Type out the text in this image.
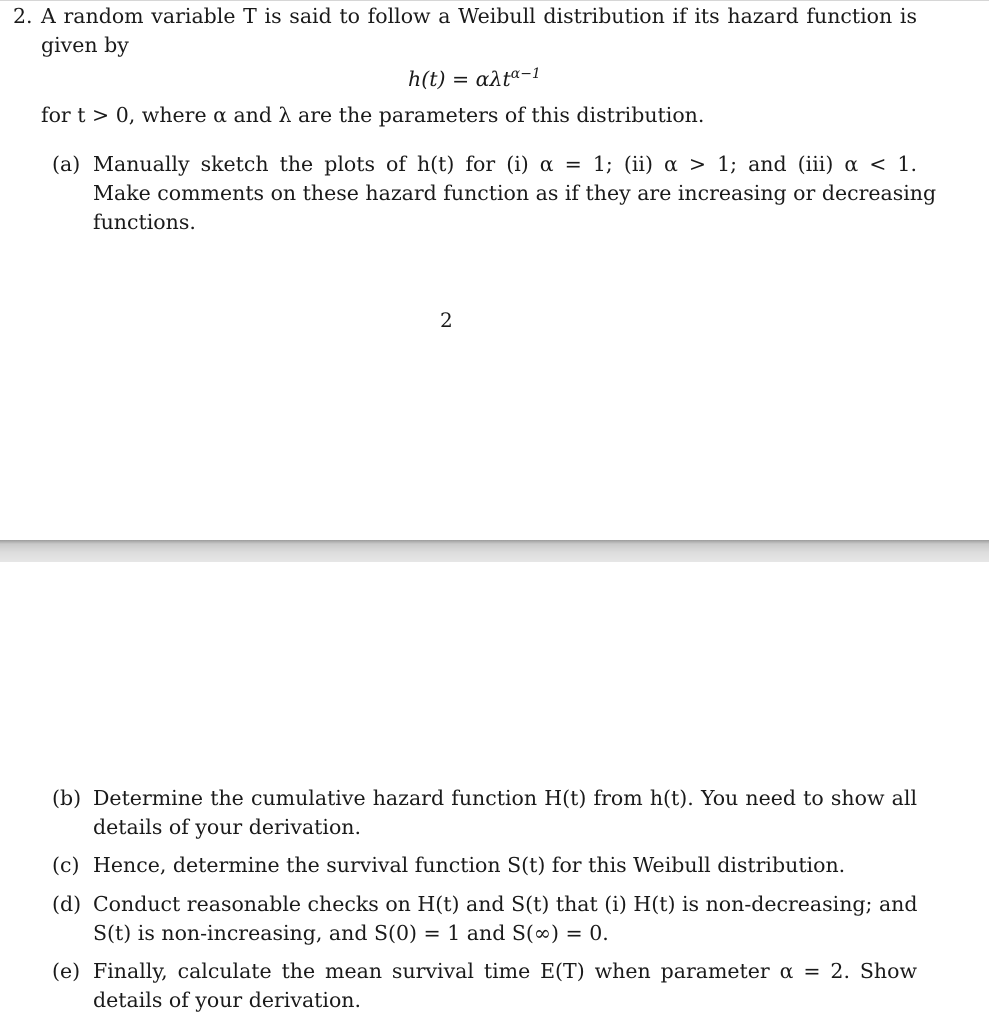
2. A random variable T is said to follow a Weibull distribution if its hazard function is
given by
h(t) = αλt$^{\alpha-1}$
for t > 0, where α and λ are the parameters of this distribution.
(a) Manually sketch the plots of h(t) for (i) α = 1; (ii) α > 1; and (iii) α < 1.
Make comments on these hazard function as if they are increasing or decreasing
functions.
2
(b) Determine the cumulative hazard function H(t) from h(t). You need to show all
details of your derivation.
(c) Hence, determine the survival function S(t) for this Weibull distribution.
(d) Conduct reasonable checks on H(t) and S(t) that (i) H(t) is non-decreasing; and
S(t) is non-increasing, and S(0) = 1 and S(∞) = 0.
(e) Finally, calculate the mean survival time E(T) when parameter α = 2. Show
details of your derivation.
